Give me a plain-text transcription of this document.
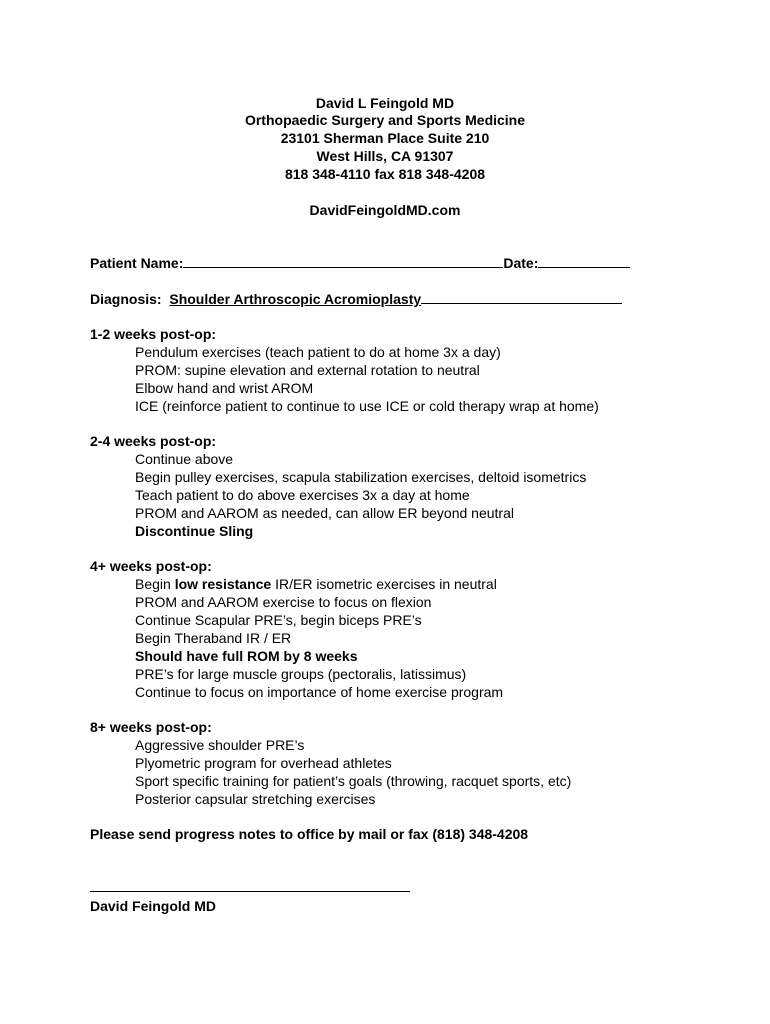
David L Feingold MD
Orthopaedic Surgery and Sports Medicine
23101 Sherman Place Suite 210
West Hills, CA 91307
818 348-4110 fax 818 348-4208
DavidFeingoldMD.com
Patient Name:	Date:
Diagnosis: Shoulder Arthroscopic Acromioplasty
1-2 weeks post-op:
Pendulum exercises (teach patient to do at home 3x a day)
PROM: supine elevation and external rotation to neutral
Elbow hand and wrist AROM
ICE (reinforce patient to continue to use ICE or cold therapy wrap at home)
2-4 weeks post-op:
Continue above
Begin pulley exercises, scapula stabilization exercises, deltoid isometrics
Teach patient to do above exercises 3x a day at home
PROM and AAROM as needed, can allow ER beyond neutral
Discontinue Sling
4+ weeks post-op:
Begin low resistance IR/ER isometric exercises in neutral
PROM and AAROM exercise to focus on flexion
Continue Scapular PRE’s, begin biceps PRE’s
Begin Theraband IR / ER
Should have full ROM by 8 weeks
PRE’s for large muscle groups (pectoralis, latissimus)
Continue to focus on importance of home exercise program
8+ weeks post-op:
Aggressive shoulder PRE’s
Plyometric program for overhead athletes
Sport specific training for patient’s goals (throwing, racquet sports, etc)
Posterior capsular stretching exercises
Please send progress notes to office by mail or fax (818) 348-4208
David Feingold MD
